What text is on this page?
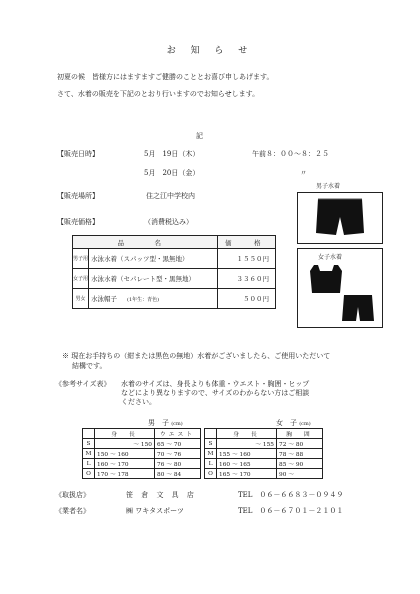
お 知 ら せ
初夏の候　皆様方にはますますご健勝のこととお喜び申しあげます。
さて、水着の販売を下記のとおり行いますのでお知らせします。
記
【販売日時】	5月　19日（木）	午前８：００～８：２５
5月　20日（金）	〃
【販売場所】	住之江中学校内
【販売価格】	（消費税込み）
品　名		価　格
男子用	水泳水着（スパッツ型・黒無地）	１５５０円
女子用	水泳水着（セパレート型・黒無地）	３３６０円
男女	水泳帽子 (1年生：青色)	５００円
男子水着
女子水着
※ 現在お手持ちの（紺または黒色の無地）水着がございましたら、ご使用いただいて
結構です。
《参考サイズ表》 水着のサイズは、身長よりも体重・ウエスト・胸囲・ヒップ
などにより異なりますので、サイズのわからない方はご相談
ください。
男　子 (cm)
	身　長	ウエスト
S	～ 150	65 ～ 70
M	150 ～ 160	70 ～ 76
L	160 ～ 170	76 ～ 80
O	170 ～ 178	80 ～ 84
女　子 (cm)
	身　長	胸　囲
S	～ 155	72 ～ 80
M	155 ～ 160	78 ～ 88
L	160 ～ 165	85 ～ 90
O	165 ～ 170	90 ～
《取扱店》	笹 倉 文 具 店	TEL　０６－６６８３－０９４９
《業者名》	㈱ ワキタスポーツ	TEL　０６－６７０１－２１０１
